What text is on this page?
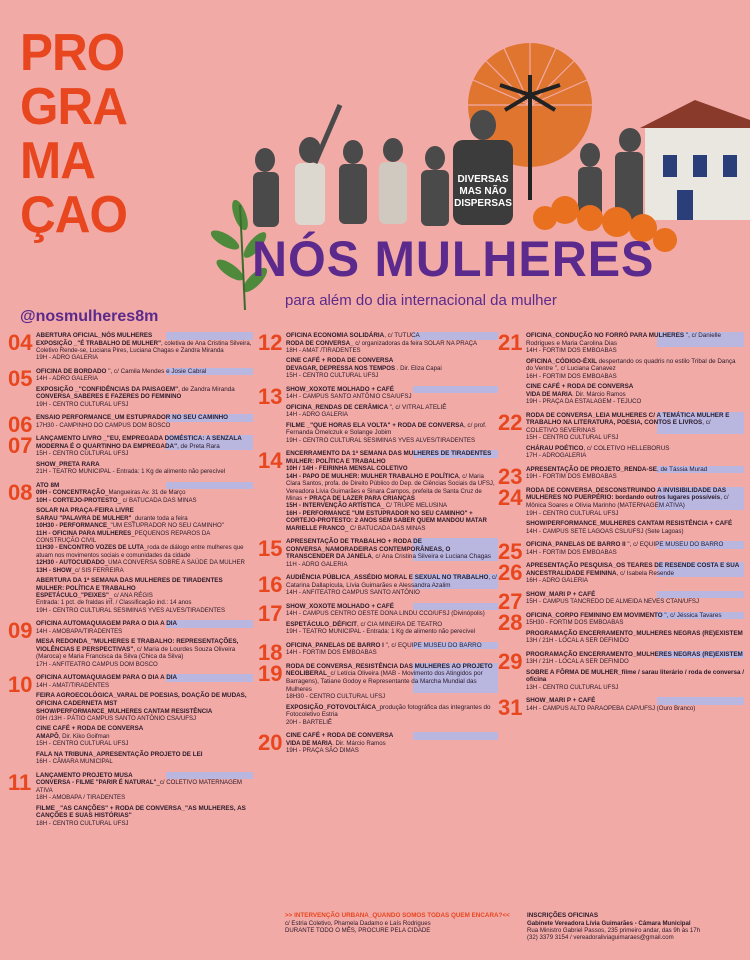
PRO
GRA
MA
ÇAO
@nosmulheres8m
DIVERSAS
MAS NÃO
DISPERSAS
NÓS MULHERES
para além do dia internacional da mulher
04 ABERTURA OFICIAL_NÓS MULHERES
EXPOSIÇÃO _"É TRABALHO DE MULHER", coletiva de Ana Cristina Silveira, Coletivo Rende-se, Luciana Pires, Luciana Chagas e Zandra Miranda
19H - ADRO GALERIA
05 OFICINA DE BORDADO ", c/ Camila Mendes e Josie Cabral
14H - ADRO GALERIA
EXPOSIÇÃO _"CONFIDÊNCIAS DA PAISAGEM", de Zandra Miranda
CONVERSA_SABERES E FAZERES DO FEMININO
19H - CENTRO CULTURAL UFSJ
06 ENSAIO PERFORMANCE_UM ESTUPRADOR NO SEU CAMINHO
17H30 - CAMPINHO DO CAMPUS DOM BOSCO
07 LANÇAMENTO LIVRO _"EU, EMPREGADA DOMÉSTICA: A SENZALA MODERNA É O QUARTINHO DA EMPREGADA", de Preta Rara
15H - CENTRO CULTURAL UFSJ
SHOW_PRETA RARA
21H - TEATRO MUNICIPAL - Entrada: 1 Kg de alimento não perecível
08 ATO 8M
09H - CONCENTRAÇÃO_Mangueiras Av. 31 de Março
10H - CORTEJO-PROTESTO_ c/ BATUCADA DAS MINAS
SOLAR NA PRAÇA-FEIRA LIVRE
SARAU "PALAVRA DE MULHER"_durante toda a feira
10H30 - PERFORMANCE_"UM ESTUPRADOR NO SEU CAMINHO"
11H - OFICINA PARA MULHERES_PEQUENOS REPAROS DA CONSTRUÇÃO CIVIL
11H30 - ENCONTRO VOZES DE LUTA_roda de diálogo entre mulheres que atuam nos movimentos sociais e comunidades da cidade
12H30 - AUTOCUIDADO_UMA CONVERSA SOBRE A SAÚDE DA MULHER
13H - SHOW_c/ SIS FERREIRA
ABERTURA DA 1ª SEMANA DAS MULHERES DE TIRADENTES
MULHER: POLÍTICA E TRABALHO
ESPETÁCULO_"PEIXES"_ c/ ANA RÉGIS
Entrada: 1 pct. de fraldas inf. / Classificação ind.: 14 anos
19H - CENTRO CULTURAL SESIMINAS YVES ALVES/TIRADENTES
09 OFICINA AUTOMAQUIAGEM PARA O DIA A DIA
14H - AMOBAPA/TIRADENTES
MESA REDONDA_"MULHERES E TRABALHO: REPRESENTAÇÕES, VIOLÊNCIAS E PERSPECTIVAS", c/ Maria de Lourdes Souza Oliveira (Maroca) e Maria Francisca da Silva (Chica da Silva)
17H - ANFITEATRO CAMPUS DOM BOSCO
10 OFICINA AUTOMAQUIAGEM PARA O DIA A DIA
14H - AMAT/TIRADENTES
FEIRA AGROECOLÓGICA_VARAL DE POESIAS, DOAÇÃO DE MUDAS, OFICINA CADERNETA MST
SHOW/PERFORMANCE_MULHERES CANTAM RESISTÊNCIA
09H /13H - PÁTIO CAMPUS SANTO ANTÔNIO CSA/UFSJ
CINE CAFÉ + RODA DE CONVERSA
AMAPÔ, Dir. Kiko Goifman
15H - CENTRO CULTURAL UFSJ
FALA NA TRIBUNA_APRESENTAÇÃO PROJETO DE LEI
16H - CÂMARA MUNICIPAL
11 LANÇAMENTO PROJETO MUSA
CONVERSA - FILME "PARIR É NATURAL"_c/ COLETIVO MATERNAGEM ATIVA
18H - AMOBAPA / TIRADENTES
FILME _"AS CANÇÕES" + RODA DE CONVERSA_"AS MULHERES, AS CANÇÕES E SUAS HISTÓRIAS"
18H - CENTRO CULTURAL UFSJ
12 OFICINA ECONOMIA SOLIDÁRIA, c/ TUTUCA
RODA DE CONVERSA_ c/ organizadoras da feira SOLAR NA PRAÇA
18H - AMAT /TIRADENTES
CINE CAFÉ + RODA DE CONVERSA
DEVAGAR, DEPRESSA NOS TEMPOS . Dir. Eliza Capai
15H - CENTRO CULTURAL UFSJ
13 SHOW_XOXOTE MOLHADO + CAFÉ
14H - CAMPUS SANTO ANTÔNIO CSA/UFSJ
OFICINA_RENDAS DE CERÂMICA ", c/ VITRAL ATELIÊ
14H - ADRO GALERIA
FILME _"QUE HORAS ELA VOLTA" + RODA DE CONVERSA, c/ prof. Fernanda Omelczuk e Solange Jobim
19H - CENTRO CULTURAL SESIMINAS YVES ALVES/TIRADENTES
14 ENCERRAMENTO DA 1ª SEMANA DAS MULHERES DE TIRADENTES
MULHER: POLÍTICA E TRABALHO
10H / 14H - FEIRINHA MENSAL COLETIVO
14H - PAPO DE MULHER: MULHER TRABALHO E POLÍTICA, c/ Maria Clara Santos, profa. de Direito Público do Dep. de Ciências Sociais da UFSJ, Vereadora Lívia Guimarães e Sinara Campos, prefeita de Santa Cruz de Minas + PRAÇA DE LAZER PARA CRIANÇAS
15H - INTERVENÇÃO ARTÍSTICA_ C/ TRUPE MELUSINA
16H - PERFORMANCE "UM ESTUPRADOR NO SEU CAMINHO" + CORTEJO-PROTESTO: 2 ANOS SEM SABER QUEM MANDOU MATAR MARIELLE FRANCO_ C/ BATUCADA DAS MINAS
15 APRESENTAÇÃO DE TRABALHO + RODA DE CONVERSA_NAMORADEIRAS CONTEMPORÂNEAS, O TRANSCENDER DA JANELA, c/ Ana Cristina Silveira e Luciana Chagas
11H - ADRO GALERIA
16 AUDIÊNCIA PÚBLICA_ASSÉDIO MORAL E SEXUAL NO TRABALHO, c/ Catarina Dallapícula, Lívia Guimarães e Alessandra Azalim
14H - ANFITEATRO CAMPUS SANTO ANTÔNIO
17 SHOW_XOXOTE MOLHADO + CAFÉ
14H - CAMPUS CENTRO OESTE DONA LINDU CCO/UFSJ (Divinópolis)
ESPETÁCULO_DÉFICIT, c/ CIA MINEIRA DE TEATRO
19H - TEATRO MUNICIPAL - Entrada: 1 Kg de alimento não perecível
18 OFICINA_PANELAS DE BARRO I ", c/ EQUIPE MUSEU DO BARRO
14H - FORTIM DOS EMBOABAS
19 RODA DE CONVERSA_RESISTÊNCIA DAS MULHERES AO PROJETO NEOLIBERAL_c/ Letícia Oliveira (MAB - Movimento dos Atingidos por Barragens), Tatiane Godoy e Representante da Marcha Mundial das Mulheres
18H30 - CENTRO CULTURAL UFSJ
EXPOSIÇÃO_FOTOVOLTÁICA_produção fotográfica das integrantes do Fotocoletivo Estria
20H - BARTELIÊ
20 CINE CAFÉ + RODA DE CONVERSA
VIDA DE MARIA. Dir. Márcio Ramos
19H - PRAÇA SÃO DIMAS
21 OFICINA_CONDUÇÃO NO FORRÓ PARA MULHERES ", c/ Danielle Rodrigues e Maria Carolina Dias
14H - FORTIM DOS EMBOABAS
OFICINA_CÓDIGO-ÉXIL despertando os quadris no estilo Tribal de Dança do Ventre ", c/ Luciana Canavez
16H - FORTIM DOS EMBOABAS
CINE CAFÉ + RODA DE CONVERSA
VIDA DE MARIA. Dir. Márcio Ramos
19H - PRAÇA DA ESTALAGEM - TEJUCO
22 RODA DE CONVERSA_LEIA MULHERES C/ A TEMÁTICA MULHER E TRABALHO NA LITERATURA, POESIA, CONTOS E LIVROS, c/ COLETIVO SEVERINAS
15H - CENTRO CULTURAL UFSJ
CHÁRAU POÉTICO, c/ COLETIVO HELLEBORUS
17H - ADROGALERIA
23 APRESENTAÇÃO DE PROJETO_RENDA-SE, de Tássia Murad
19H - FORTIM DOS EMBOABAS
24 RODA DE CONVERSA_DESCONSTRUINDO A INVISIBILIDADE DAS MULHERES NO PUERPÉRIO: bordando outros lugares possíveis, c/ Mônica Soares e Olívia Marinho (MATERNAGEM ATIVA)
19H - CENTRO CULTURAL UFSJ
SHOW/PERFORMANCE_MULHERES CANTAM RESISTÊNCIA + CAFÉ
14H - CAMPUS SETE LAGOAS CSL/UFSJ (Sete Lagoas)
25 OFICINA_PANELAS DE BARRO II ", c/ EQUIPE MUSEU DO BARRO
14H - FORTIM DOS EMBOABAS
26 APRESENTAÇÃO PESQUISA_OS TEARES DE RESENDE COSTA E SUA ANCESTRALIDADE FEMININA, c/ Isabela Resende
16H - ADRO GALERIA
27 SHOW_MARI P + CAFÉ
15H - CAMPUS TANCREDO DE ALMEIDA NEVES CTAN/UFSJ
28 OFICINA_CORPO FEMININO EM MOVIMENTO ", c/ Jéssica Tavares
15H30 - FORTIM DOS EMBOABAS
PROGRAMAÇÃO ENCERRAMENTO_MULHERES NEGRAS (RE)EXISTEM
13H / 21H - LOCAL A SER DEFINIDO
29 PROGRAMAÇÃO ENCERRAMENTO_MULHERES NEGRAS (RE)EXISTEM
13H / 21H - LOCAL A SER DEFINIDO
SOBRE A FÔRMA DE MULHER_filme / sarau literário / roda de conversa / oficina
13H - CENTRO CULTURAL UFSJ
31 SHOW_MARI P + CAFÉ
14H - CAMPUS ALTO PARAOPEBA CAP/UFSJ (Ouro Branco)
>> INTERVENÇÃO URBANA_QUANDO SOMOS TODAS QUEM ENCARA?<<
c/ Estria Coletivo, Phamela Dadamo e Laís Rodrigues
DURANTE TODO O MÊS, PROCURE PELA CIDADE
INSCRIÇÕES OFICINAS
Gabinete Vereadora Lívia Guimarães - Câmara Municipal
Rua Ministro Gabriel Passos, 235 primeiro andar, das 9h às 17h
(32) 3379 3154 / vereadoraliviaguimaraes@gmail.com
